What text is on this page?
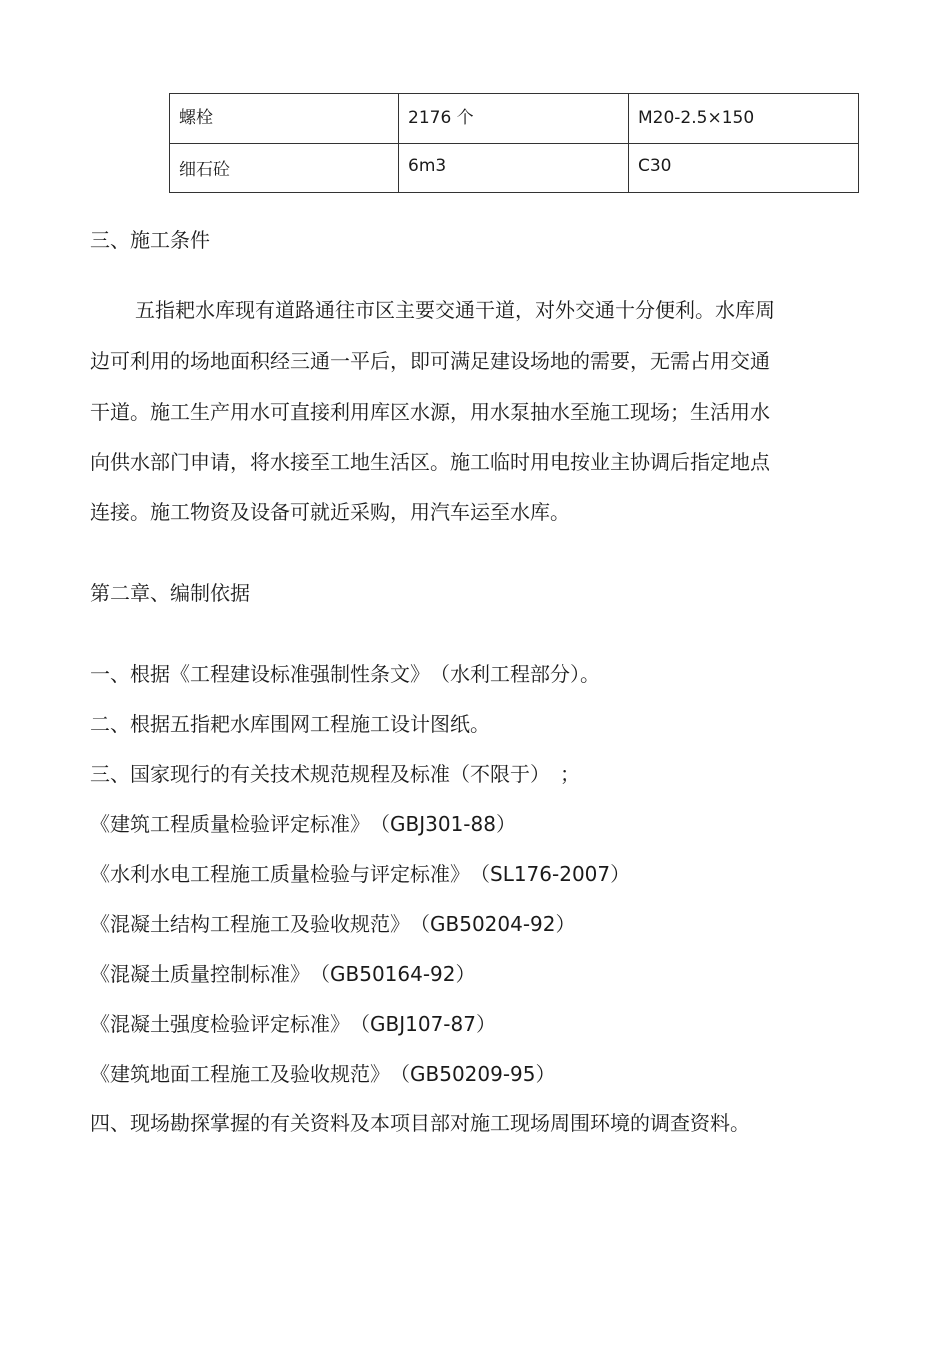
螺栓	2176 个	M20-2.5×150
细石砼	6m3	C30
三、施工条件
五指耙水库现有道路通往市区主要交通干道，对外交通十分便利。水库周
边可利用的场地面积经三通一平后，即可满足建设场地的需要，无需占用交通
干道。施工生产用水可直接利用库区水源，用水泵抽水至施工现场；生活用水
向供水部门申请，将水接至工地生活区。施工临时用电按业主协调后指定地点
连接。施工物资及设备可就近采购，用汽车运至水库。
第二章、编制依据
一、根据《工程建设标准强制性条文》　（水利工程部分）。
二、根据五指耙水库围网工程施工设计图纸。
三、国家现行的有关技术规范规程及标准（不限于）　；
《建筑工程质量检验评定标准》　（GBJ301-88）
《水利水电工程施工质量检验与评定标准》　（SL176-2007）
《混凝土结构工程施工及验收规范》　（GB50204-92）
《混凝土质量控制标准》　（GB50164-92）
《混凝土强度检验评定标准》　（GBJ107-87）
《建筑地面工程施工及验收规范》　（GB50209-95）
四、现场勘探掌握的有关资料及本项目部对施工现场周围环境的调查资料。
